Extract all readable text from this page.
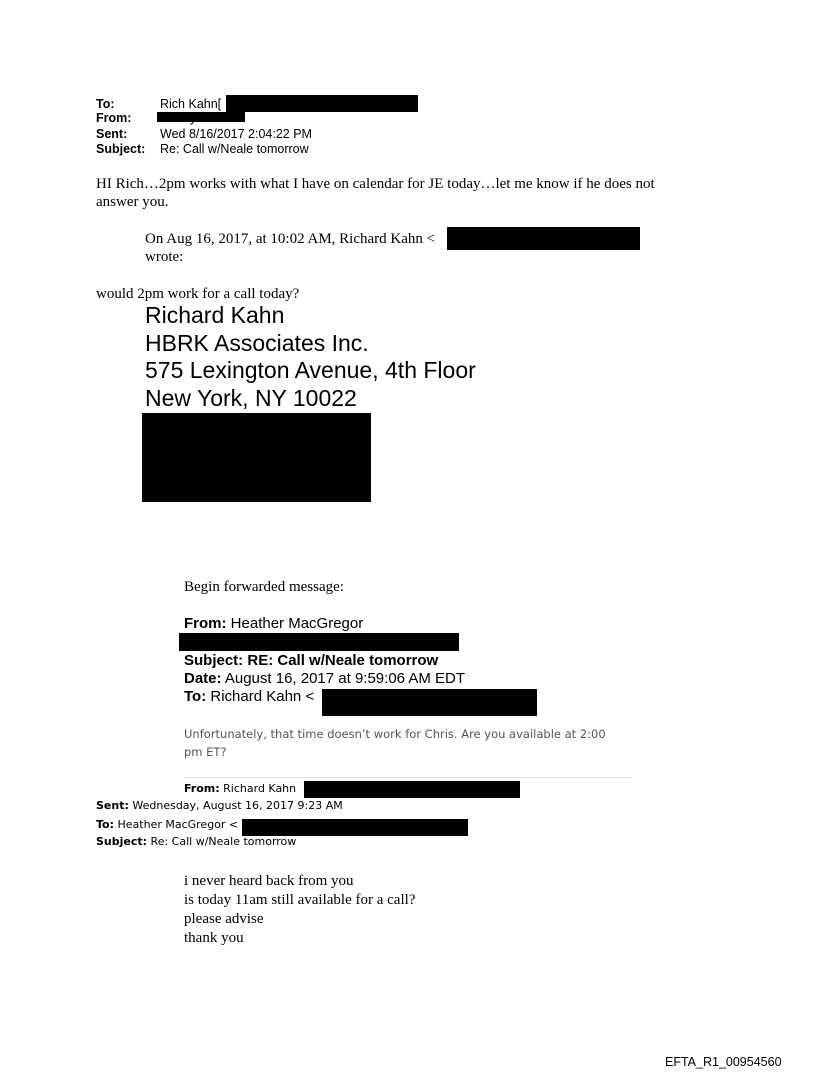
To:	Rich Kahn[
From:
Sent:	Wed 8/16/2017 2:04:22 PM
Subject: Re: Call w/Neale tomorrow
HI Rich…2pm works with what I have on calendar for JE today…let me know if he does not
answer you.
On Aug 16, 2017, at 10:02 AM, Richard Kahn <
wrote:
would 2pm work for a call today?
Richard Kahn
HBRK Associates Inc.
575 Lexington Avenue, 4th Floor
New York, NY 10022
Begin forwarded message:
From: Heather MacGregor
Subject: RE: Call w/Neale tomorrow
Date: August 16, 2017 at 9:59:06 AM EDT
To: Richard Kahn <
Unfortunately, that time doesn’t work for Chris. Are you available at 2:00
pm ET?
From: Richard Kahn
Sent: Wednesday, August 16, 2017 9:23 AM
To: Heather MacGregor <
Subject: Re: Call w/Neale tomorrow
i never heard back from you
is today 11am still available for a call?
please advise
thank you
EFTA_R1_00954560
